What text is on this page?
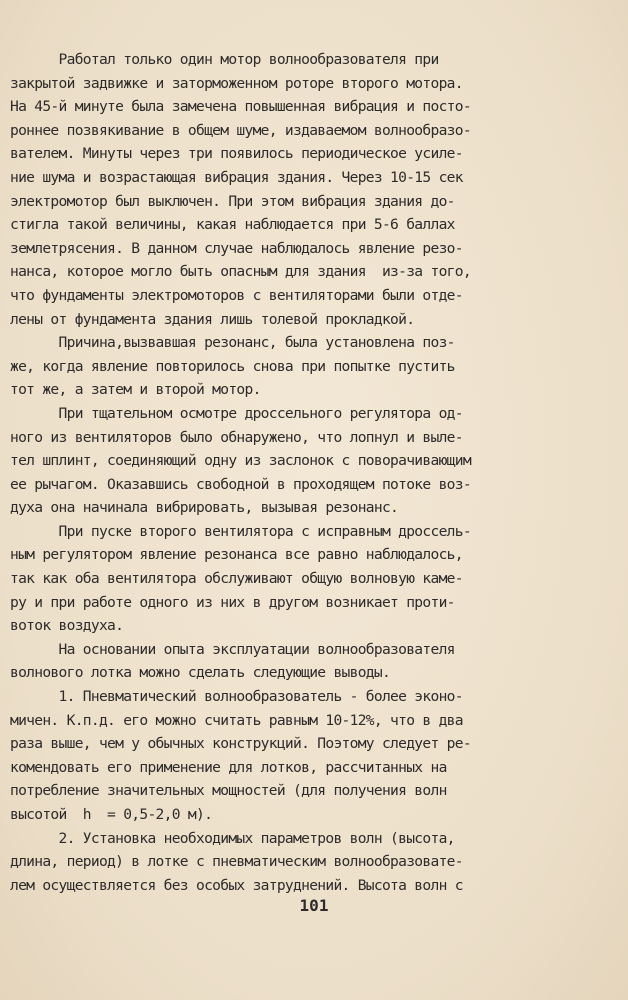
Работал только один мотор волнообразователя при
закрытой задвижке и заторможенном роторе второго мотора.
На 45-й минуте была замечена повышенная вибрация и посто-
роннее позвякивание в общем шуме, издаваемом волнообразо-
вателем. Минуты через три появилось периодическое усиле-
ние шума и возрастающая вибрация здания. Через 10-15 сек
электромотор был выключен. При этом вибрация здания до-
стигла такой величины, какая наблюдается при 5-6 баллах
землетрясения. В данном случае наблюдалось явление резо-
нанса, которое могло быть опасным для здания  из-за того,
что фундаменты электромоторов с вентиляторами были отде-
лены от фундамента здания лишь толевой прокладкой.
Причина,вызвавшая резонанс, была установлена поз-
же, когда явление повторилось снова при попытке пустить
тот же, а затем и второй мотор.
При тщательном осмотре дроссельного регулятора од-
ного из вентиляторов было обнаружено, что лопнул и выле-
тел шплинт, соединяющий одну из заслонок с поворачивающим
ее рычагом. Оказавшись свободной в проходящем потоке воз-
духа она начинала вибрировать, вызывая резонанс.
При пуске второго вентилятора с исправным дроссель-
ным регулятором явление резонанса все равно наблюдалось,
так как оба вентилятора обслуживают общую волновую каме-
ру и при работе одного из них в другом возникает проти-
воток воздуха.
На основании опыта эксплуатации волнообразователя
волнового лотка можно сделать следующие выводы.
1. Пневматический волнообразователь - более эконо-
мичен. К.п.д. его можно считать равным 10-12%, что в два
раза выше, чем у обычных конструкций. Поэтому следует ре-
комендовать его применение для лотков, рассчитанных на
потребление значительных мощностей (для получения волн
высотой  h  = 0,5-2,0 м).
2. Установка необходимых параметров волн (высота,
длина, период) в лотке с пневматическим волнообразовате-
лем осуществляется без особых затруднений. Высота волн с
101
